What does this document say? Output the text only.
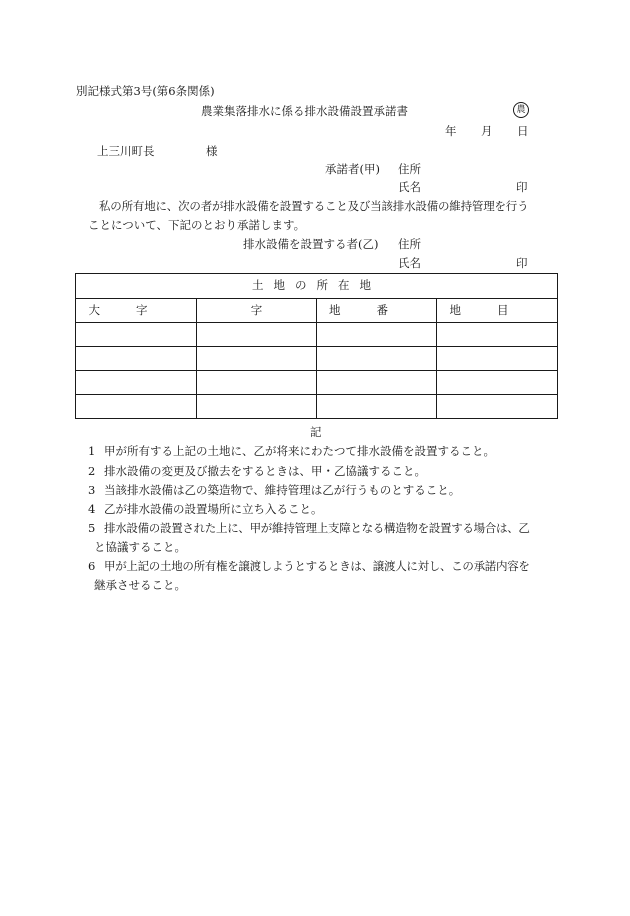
別記様式第3号(第6条関係)
農業集落排水に係る排水設備設置承諾書	農
年 月 日
上三川町長	様
承諾者(甲) 住所
氏名	印
私の所有地に、次の者が排水設備を設置すること及び当該排水設備の維持管理を行う
ことについて、下記のとおり承諾します。
排水設備を設置する者(乙) 住所
氏名	印
土地の所在地			
大字	字	地番	地目

記
1 甲が所有する上記の土地に、乙が将来にわたつて排水設備を設置すること。
2 排水設備の変更及び撤去をするときは、甲・乙協議すること。
3 当該排水設備は乙の築造物で、維持管理は乙が行うものとすること。
4 乙が排水設備の設置場所に立ち入ること。
5 排水設備の設置された上に、甲が維持管理上支障となる構造物を設置する場合は、乙
と協議すること。
6 甲が上記の土地の所有権を譲渡しようとするときは、譲渡人に対し、この承諾内容を
継承させること。
